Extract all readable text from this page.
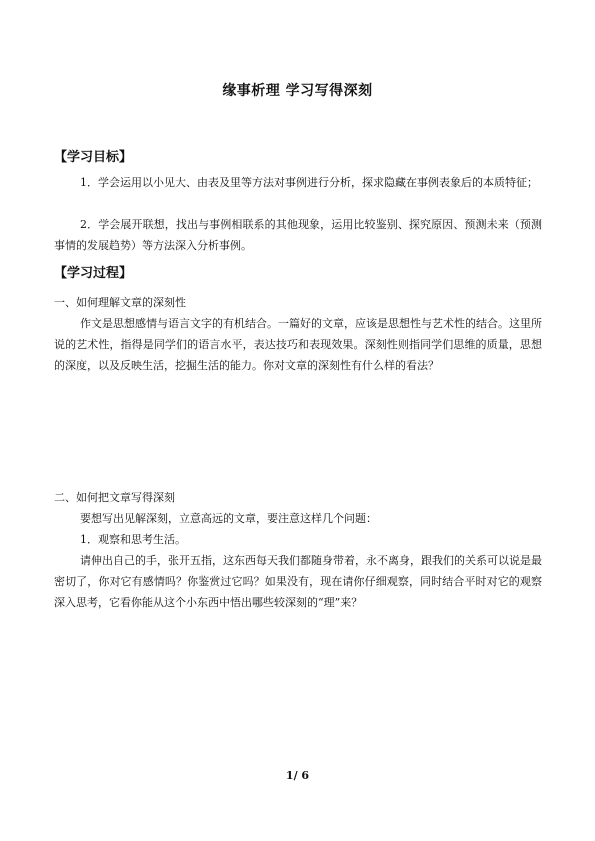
缘事析理 学习写得深刻
【学习目标】
1．学会运用以小见大、由表及里等方法对事例进行分析，探求隐藏在事例表象后的本质特征；
2．学会展开联想，找出与事例相联系的其他现象，运用比较鉴别、探究原因、预测未来（预测事情的发展趋势）等方法深入分析事例。
【学习过程】
一、如何理解文章的深刻性
作文是思想感情与语言文字的有机结合。一篇好的文章，应该是思想性与艺术性的结合。这里所说的艺术性，指得是同学们的语言水平，表达技巧和表现效果。深刻性则指同学们思维的质量，思想的深度，以及反映生活，挖掘生活的能力。你对文章的深刻性有什么样的看法？
二、如何把文章写得深刻
要想写出见解深刻，立意高远的文章，要注意这样几个问题：
1．观察和思考生活。
请伸出自己的手，张开五指，这东西每天我们都随身带着，永不离身，跟我们的关系可以说是最密切了，你对它有感情吗？你鉴赏过它吗？如果没有，现在请你仔细观察，同时结合平时对它的观察深入思考，它看你能从这个小东西中悟出哪些较深刻的“理”来？
1/ 6
